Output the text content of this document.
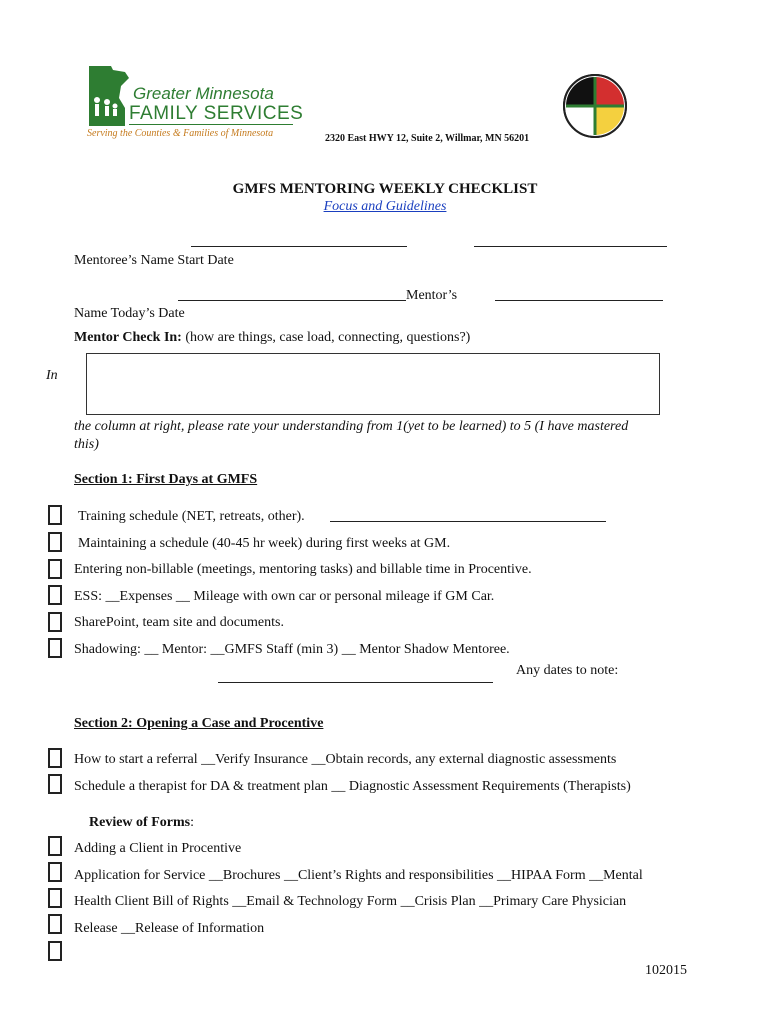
Greater Minnesota
FAMILY SERVICES
Serving the Counties & Families of Minnesota	2320 East HWY 12, Suite 2, Willmar, MN 56201
GMFS MENTORING WEEKLY CHECKLIST
Focus and Guidelines
Mentoree’s Name Start Date
Mentor’s
Name Today’s Date
Mentor Check In: (how are things, case load, connecting, questions?)
In
the column at right, please rate your understanding from 1(yet to be learned) to 5 (I have mastered
this)
Section 1: First Days at GMFS
Training schedule (NET, retreats, other).
Maintaining a schedule (40-45 hr week) during first weeks at GM.
Entering non-billable (meetings, mentoring tasks) and billable time in Procentive.
ESS: __Expenses __ Mileage with own car or personal mileage if GM Car.
SharePoint, team site and documents.
Shadowing: __ Mentor: __GMFS Staff (min 3) __ Mentor Shadow Mentoree.
Any dates to note:
Section 2: Opening a Case and Procentive
How to start a referral __Verify Insurance __Obtain records, any external diagnostic assessments
Schedule a therapist for DA & treatment plan __ Diagnostic Assessment Requirements (Therapists)
Review of Forms:
Adding a Client in Procentive
Application for Service __Brochures __Client’s Rights and responsibilities __HIPAA Form __Mental
Health Client Bill of Rights __Email & Technology Form __Crisis Plan __Primary Care Physician
Release __Release of Information
102015
